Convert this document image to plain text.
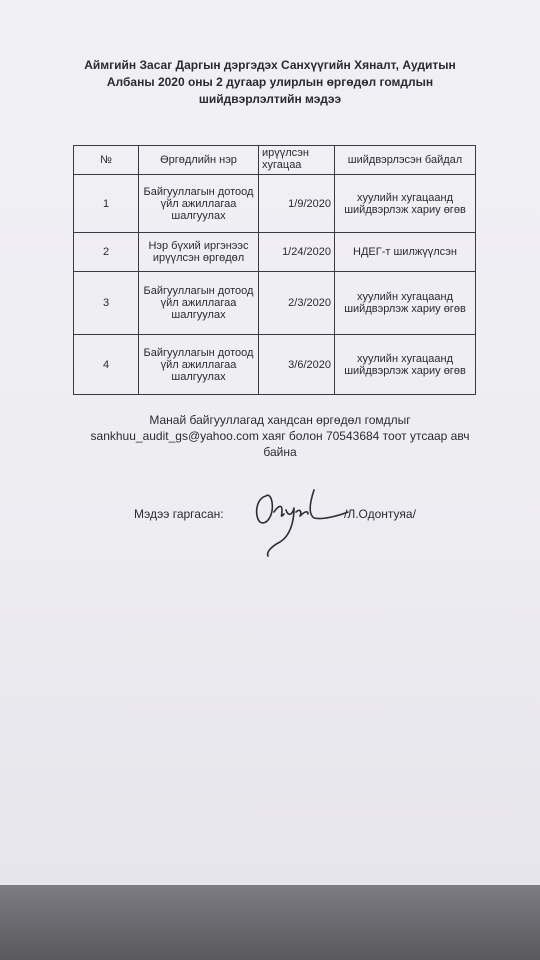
Аймгийн Засаг Даргын дэргэдэх Санхүүгийн Хяналт, Аудитын
Албаны 2020 оны 2 дугаар улирлын өргөдөл гомдлын
шийдвэрлэлтийн мэдээ
№	Өргөдлийн нэр	ирүүлсэн хугацаа	шийдвэрлэсэн байдал
1	Байгууллагын дотоод үйл ажиллагаа шалгуулах	1/9/2020	хуулийн хугацаанд шийдвэрлэж хариу өгөв
2	Нэр бүхий иргэнээс ирүүлсэн өргөдөл	1/24/2020	НДЕГ-т шилжүүлсэн
3	Байгууллагын дотоод үйл ажиллагаа шалгуулах	2/3/2020	хуулийн хугацаанд шийдвэрлэж хариу өгөв
4	Байгууллагын дотоод үйл ажиллагаа шалгуулах	3/6/2020	хуулийн хугацаанд шийдвэрлэж хариу өгөв
Манай байгууллагад хандсан өргөдөл гомдлыг
sankhuu_audit_gs@yahoo.com хаяг болон 70543684 тоот утсаар авч
байна
Мэдээ гаргасан:	/Л.Одонтуяа/
